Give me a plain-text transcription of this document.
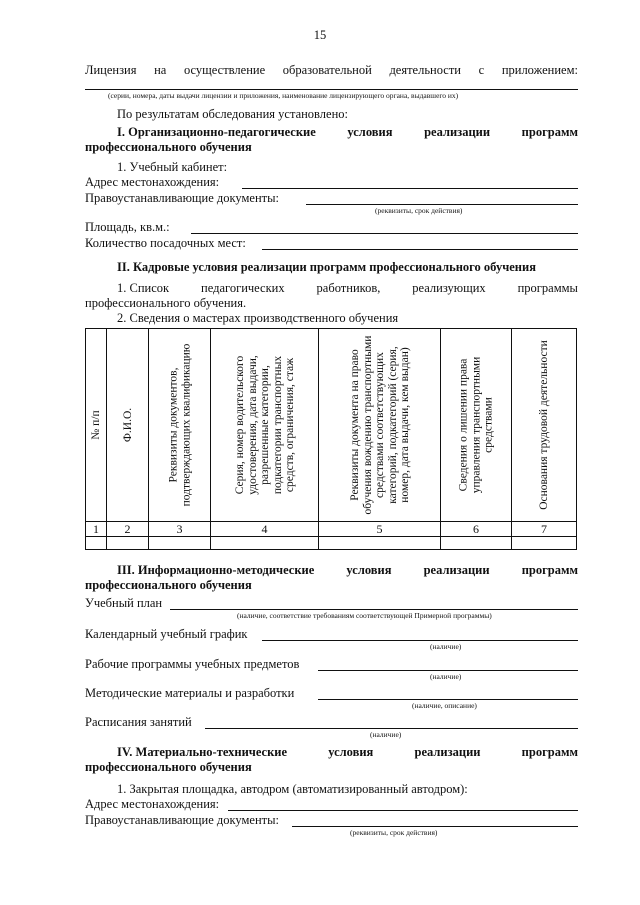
15
Лицензия на осуществление образовательной деятельности с приложением:
(серии, номера, даты выдачи лицензии и приложения, наименование лицензирующего органа, выдавшего их)
По результатам обследования установлено:
I. Организационно-педагогические	условия	реализации	программ
профессионального обучения
1. Учебный кабинет:
Адрес местонахождения:
Правоустанавливающие документы:
(реквизиты, срок действия)
Площадь, кв.м.:
Количество посадочных мест:
II. Кадровые условия реализации программ профессионального обучения
1. Список	педагогических	работников,	реализующих	программы
профессионального обучения.
2. Сведения о мастерах производственного обучения
№ п/п	Ф.И.О.	Реквизиты документов, подтверждающих квалификацию	Серия, номер водительского удостоверения, дата выдачи, разрешенные категории, подкатегории транспортных средств, ограничения, стаж	Реквизиты документа на право обучения вождению транспортными средствами соответствующих категорий, подкатегорий (серия, номер, дата выдачи, кем выдан)	Сведения о лишении права управления транспортными средствами	Основания трудовой деятельности

1	2	3	4	5	6	7

III. Информационно-методические	условия	реализации	программ
профессионального обучения
Учебный план
(наличие, соответствие требованиям соответствующей Примерной программы)
Календарный учебный график
(наличие)
Рабочие программы учебных предметов
(наличие)
Методические материалы и разработки
(наличие, описание)
Расписания занятий
(наличие)
IV. Материально-технические	условия	реализации	программ
профессионального обучения
1. Закрытая площадка, автодром (автоматизированный автодром):
Адрес местонахождения:
Правоустанавливающие документы:
(реквизиты, срок действия)
